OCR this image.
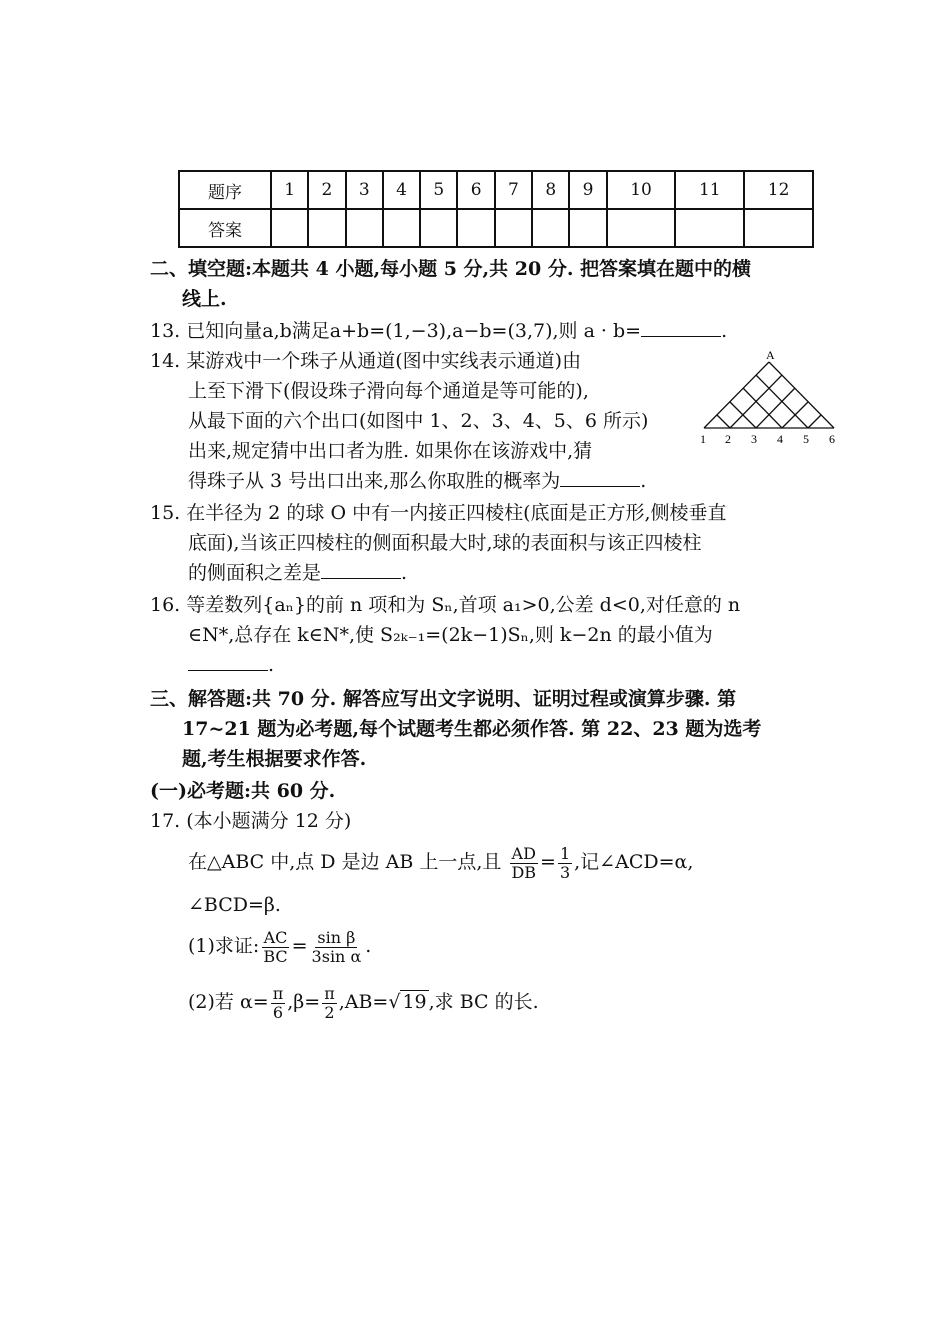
题序	1	2	3	4	5	6	7	8	9	10	11	12
答案												
二、填空题:本题共 4 小题,每小题 5 分,共 20 分. 把答案填在题中的横
线上.
13. 已知向量a,b满足a+b=(1,−3),a−b=(3,7),则 a · b=	.
14. 某游戏中一个珠子从通道(图中实线表示通道)由
上至下滑下(假设珠子滑向每个通道是等可能的),
从最下面的六个出口(如图中 1、2、3、4、5、6 所示)
出来,规定猜中出口者为胜. 如果你在该游戏中,猜
得珠子从 3 号出口出来,那么你取胜的概率为	.
A
1 2 3 4 5 6
15. 在半径为 2 的球 O 中有一内接正四棱柱(底面是正方形,侧棱垂直
底面),当该正四棱柱的侧面积最大时,球的表面积与该正四棱柱
的侧面积之差是	.
16. 等差数列{aₙ}的前 n 项和为 Sₙ,首项 a₁>0,公差 d<0,对任意的 n
∈N*,总存在 k∈N*,使 S₂ₖ₋₁=(2k−1)Sₙ,则 k−2n 的最小值为
.
三、解答题:共 70 分. 解答应写出文字说明、证明过程或演算步骤. 第
17~21 题为必考题,每个试题考生都必须作答. 第 22、23 题为选考
题,考生根据要求作答.
(一)必考题:共 60 分.
17. (本小题满分 12 分)
在△ABC 中,点 D 是边 AB 上一点,且 $\frac{AD}{DB} = \frac{1}{3}$ ,记∠ACD=α,
∠BCD=β.
(1)求证: $\frac{AC}{BC} = \frac{\text{sin β}}{\text{3sin α}}$ .
(2)若 $\alpha= \frac{\pi}{6} ,\beta= \frac{\pi}{2} ,AB=√$ 19 ,求 BC 的长.
